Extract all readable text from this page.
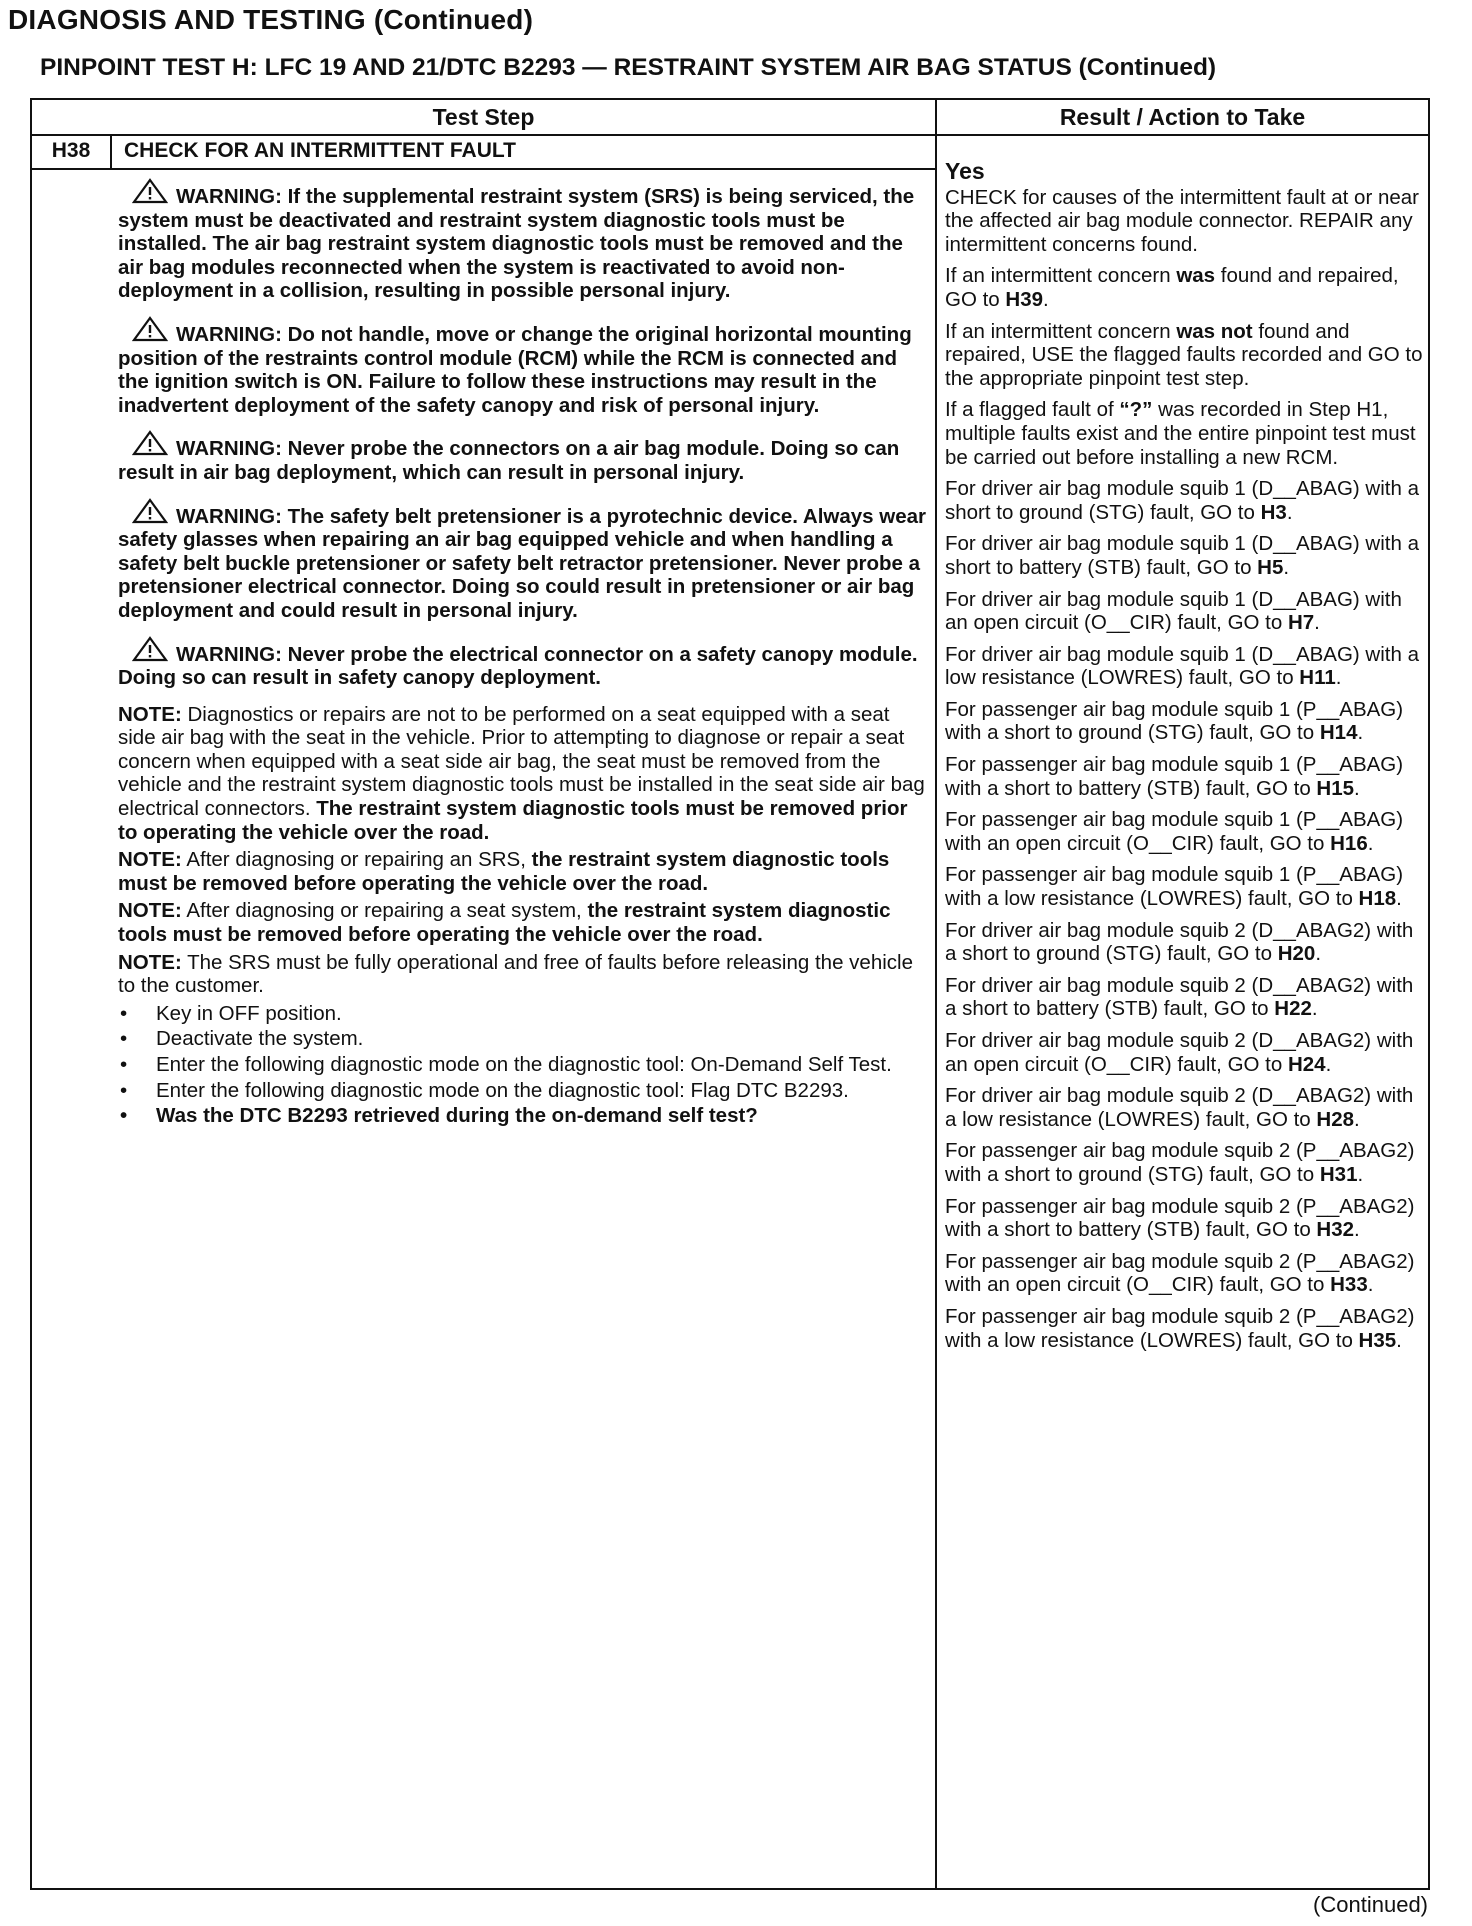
DIAGNOSIS AND TESTING (Continued)
PINPOINT TEST H: LFC 19 AND 21/DTC B2293 — RESTRAINT SYSTEM AIR BAG STATUS (Continued)
Test Step	Result / Action to Take
H38	CHECK FOR AN INTERMITTENT FAULT
WARNING: If the supplemental restraint system (SRS) is being serviced, the system must be deactivated and restraint system diagnostic tools must be installed. The air bag restraint system diagnostic tools must be removed and the air bag modules reconnected when the system is reactivated to avoid non-deployment in a collision, resulting in possible personal injury.
WARNING: Do not handle, move or change the original horizontal mounting position of the restraints control module (RCM) while the RCM is connected and the ignition switch is ON. Failure to follow these instructions may result in the inadvertent deployment of the safety canopy and risk of personal injury.
WARNING: Never probe the connectors on a air bag module. Doing so can result in air bag deployment, which can result in personal injury.
WARNING: The safety belt pretensioner is a pyrotechnic device. Always wear safety glasses when repairing an air bag equipped vehicle and when handling a safety belt buckle pretensioner or safety belt retractor pretensioner. Never probe a pretensioner electrical connector. Doing so could result in pretensioner or air bag deployment and could result in personal injury.
WARNING: Never probe the electrical connector on a safety canopy module. Doing so can result in safety canopy deployment.
NOTE: Diagnostics or repairs are not to be performed on a seat equipped with a seat side air bag with the seat in the vehicle. Prior to attempting to diagnose or repair a seat concern when equipped with a seat side air bag, the seat must be removed from the vehicle and the restraint system diagnostic tools must be installed in the seat side air bag electrical connectors. The restraint system diagnostic tools must be removed prior to operating the vehicle over the road.
NOTE: After diagnosing or repairing an SRS, the restraint system diagnostic tools must be removed before operating the vehicle over the road.
NOTE: After diagnosing or repairing a seat system, the restraint system diagnostic tools must be removed before operating the vehicle over the road.
NOTE: The SRS must be fully operational and free of faults before releasing the vehicle to the customer.
• Key in OFF position.
• Deactivate the system.
• Enter the following diagnostic mode on the diagnostic tool: On-Demand Self Test.
• Enter the following diagnostic mode on the diagnostic tool: Flag DTC B2293.
• Was the DTC B2293 retrieved during the on-demand self test?
Yes
CHECK for causes of the intermittent fault at or near the affected air bag module connector. REPAIR any intermittent concerns found.
If an intermittent concern was found and repaired, GO to H39.
If an intermittent concern was not found and repaired, USE the flagged faults recorded and GO to the appropriate pinpoint test step.
If a flagged fault of “?” was recorded in Step H1, multiple faults exist and the entire pinpoint test must be carried out before installing a new RCM.
For driver air bag module squib 1 (D__ABAG) with a short to ground (STG) fault, GO to H3.
For driver air bag module squib 1 (D__ABAG) with a short to battery (STB) fault, GO to H5.
For driver air bag module squib 1 (D__ABAG) with an open circuit (O__CIR) fault, GO to H7.
For driver air bag module squib 1 (D__ABAG) with a low resistance (LOWRES) fault, GO to H11.
For passenger air bag module squib 1 (P__ABAG) with a short to ground (STG) fault, GO to H14.
For passenger air bag module squib 1 (P__ABAG) with a short to battery (STB) fault, GO to H15.
For passenger air bag module squib 1 (P__ABAG) with an open circuit (O__CIR) fault, GO to H16.
For passenger air bag module squib 1 (P__ABAG) with a low resistance (LOWRES) fault, GO to H18.
For driver air bag module squib 2 (D__ABAG2) with a short to ground (STG) fault, GO to H20.
For driver air bag module squib 2 (D__ABAG2) with a short to battery (STB) fault, GO to H22.
For driver air bag module squib 2 (D__ABAG2) with an open circuit (O__CIR) fault, GO to H24.
For driver air bag module squib 2 (D__ABAG2) with a low resistance (LOWRES) fault, GO to H28.
For passenger air bag module squib 2 (P__ABAG2) with a short to ground (STG) fault, GO to H31.
For passenger air bag module squib 2 (P__ABAG2) with a short to battery (STB) fault, GO to H32.
For passenger air bag module squib 2 (P__ABAG2) with an open circuit (O__CIR) fault, GO to H33.
For passenger air bag module squib 2 (P__ABAG2) with a low resistance (LOWRES) fault, GO to H35.
(Continued)
